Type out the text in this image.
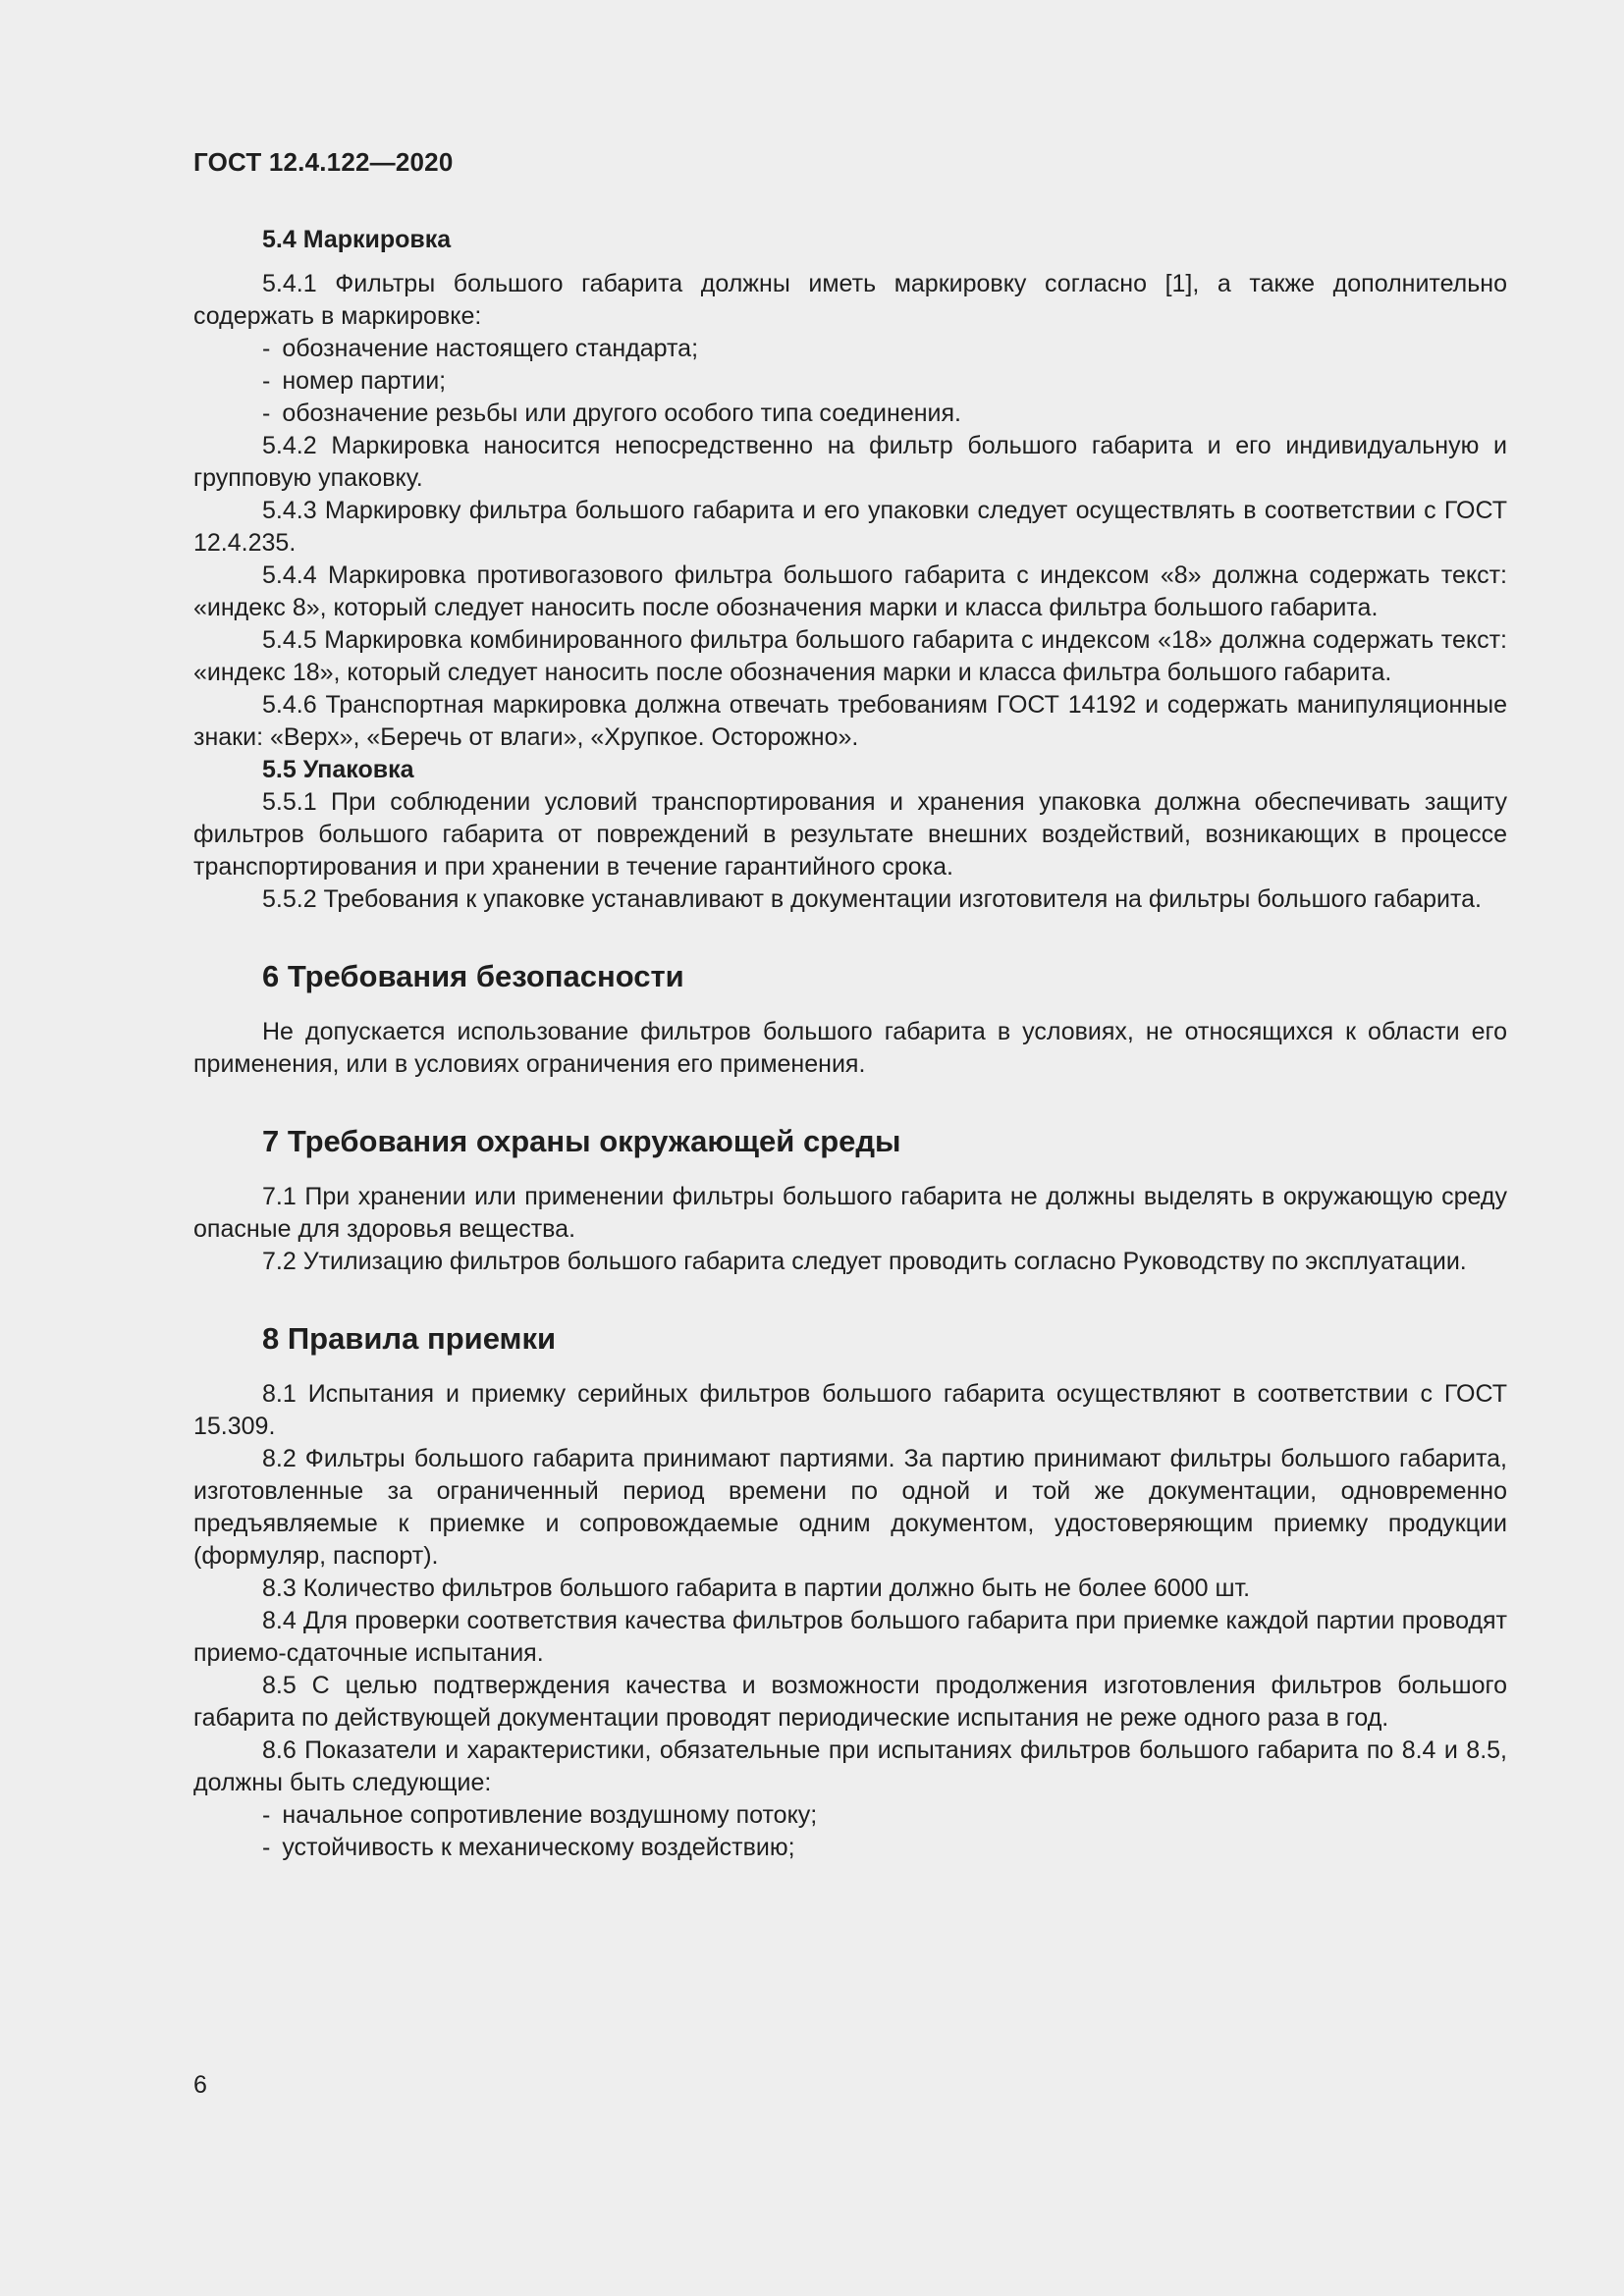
ГОСТ 12.4.122—2020
5.4 Маркировка

5.4.1 Фильтры большого габарита должны иметь маркировку согласно [1], а также дополнительно содержать в маркировке:

- обозначение настоящего стандарта;
- номер партии;
- обозначение резьбы или другого особого типа соединения.

5.4.2 Маркировка наносится непосредственно на фильтр большого габарита и его индивидуальную и групповую упаковку.

5.4.3 Маркировку фильтра большого габарита и его упаковки следует осуществлять в соответствии с ГОСТ 12.4.235.

5.4.4 Маркировка противогазового фильтра большого габарита с индексом «8» должна содержать текст: «индекс 8», который следует наносить после обозначения марки и класса фильтра большого габарита.

5.4.5 Маркировка комбинированного фильтра большого габарита с индексом «18» должна содержать текст: «индекс 18», который следует наносить после обозначения марки и класса фильтра большого габарита.

5.4.6 Транспортная маркировка должна отвечать требованиям ГОСТ 14192 и содержать манипуляционные знаки: «Верх», «Беречь от влаги», «Хрупкое. Осторожно».

5.5 Упаковка

5.5.1 При соблюдении условий транспортирования и хранения упаковка должна обеспечивать защиту фильтров большого габарита от повреждений в результате внешних воздействий, возникающих в процессе транспортирования и при хранении в течение гарантийного срока.

5.5.2 Требования к упаковке устанавливают в документации изготовителя на фильтры большого габарита.

6 Требования безопасности

Не допускается использование фильтров большого габарита в условиях, не относящихся к области его применения, или в условиях ограничения его применения.

7 Требования охраны окружающей среды

7.1 При хранении или применении фильтры большого габарита не должны выделять в окружающую среду опасные для здоровья вещества.

7.2 Утилизацию фильтров большого габарита следует проводить согласно Руководству по эксплуатации.

8 Правила приемки

8.1 Испытания и приемку серийных фильтров большого габарита осуществляют в соответствии с ГОСТ 15.309.

8.2 Фильтры большого габарита принимают партиями. За партию принимают фильтры большого габарита, изготовленные за ограниченный период времени по одной и той же документации, одновременно предъявляемые к приемке и сопровождаемые одним документом, удостоверяющим приемку продукции (формуляр, паспорт).

8.3 Количество фильтров большого габарита в партии должно быть не более 6000 шт.

8.4 Для проверки соответствия качества фильтров большого габарита при приемке каждой партии проводят приемо-сдаточные испытания.

8.5 С целью подтверждения качества и возможности продолжения изготовления фильтров большого габарита по действующей документации проводят периодические испытания не реже одного раза в год.

8.6 Показатели и характеристики, обязательные при испытаниях фильтров большого габарита по 8.4 и 8.5, должны быть следующие:

- начальное сопротивление воздушному потоку;
- устойчивость к механическому воздействию;
6
